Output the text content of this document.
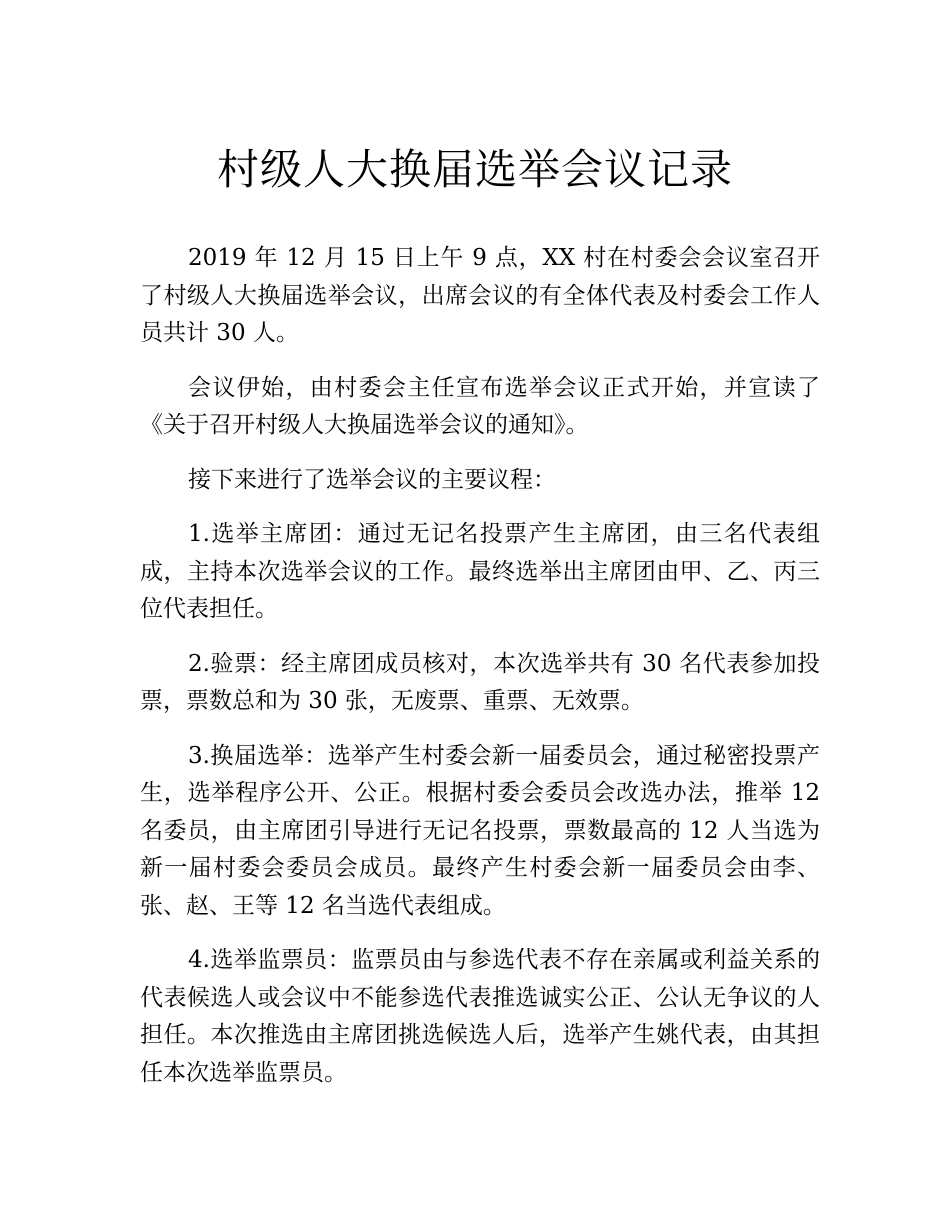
村级人大换届选举会议记录

2019 年 12 月 15 日上午 9 点，XX 村在村委会会议室召开了村级人大换届选举会议，出席会议的有全体代表及村委会工作人员共计 30 人。

会议伊始，由村委会主任宣布选举会议正式开始，并宣读了《关于召开村级人大换届选举会议的通知》。

接下来进行了选举会议的主要议程：

1.选举主席团：通过无记名投票产生主席团，由三名代表组成，主持本次选举会议的工作。最终选举出主席团由甲、乙、丙三位代表担任。

2.验票：经主席团成员核对，本次选举共有 30 名代表参加投票，票数总和为 30 张，无废票、重票、无效票。

3.换届选举：选举产生村委会新一届委员会，通过秘密投票产生，选举程序公开、公正。根据村委会委员会改选办法，推举 12 名委员，由主席团引导进行无记名投票，票数最高的 12 人当选为新一届村委会委员会成员。最终产生村委会新一届委员会由李、张、赵、王等 12 名当选代表组成。

4.选举监票员：监票员由与参选代表不存在亲属或利益关系的代表候选人或会议中不能参选代表推选诚实公正、公认无争议的人担任。本次推选由主席团挑选候选人后，选举产生姚代表，由其担任本次选举监票员。
